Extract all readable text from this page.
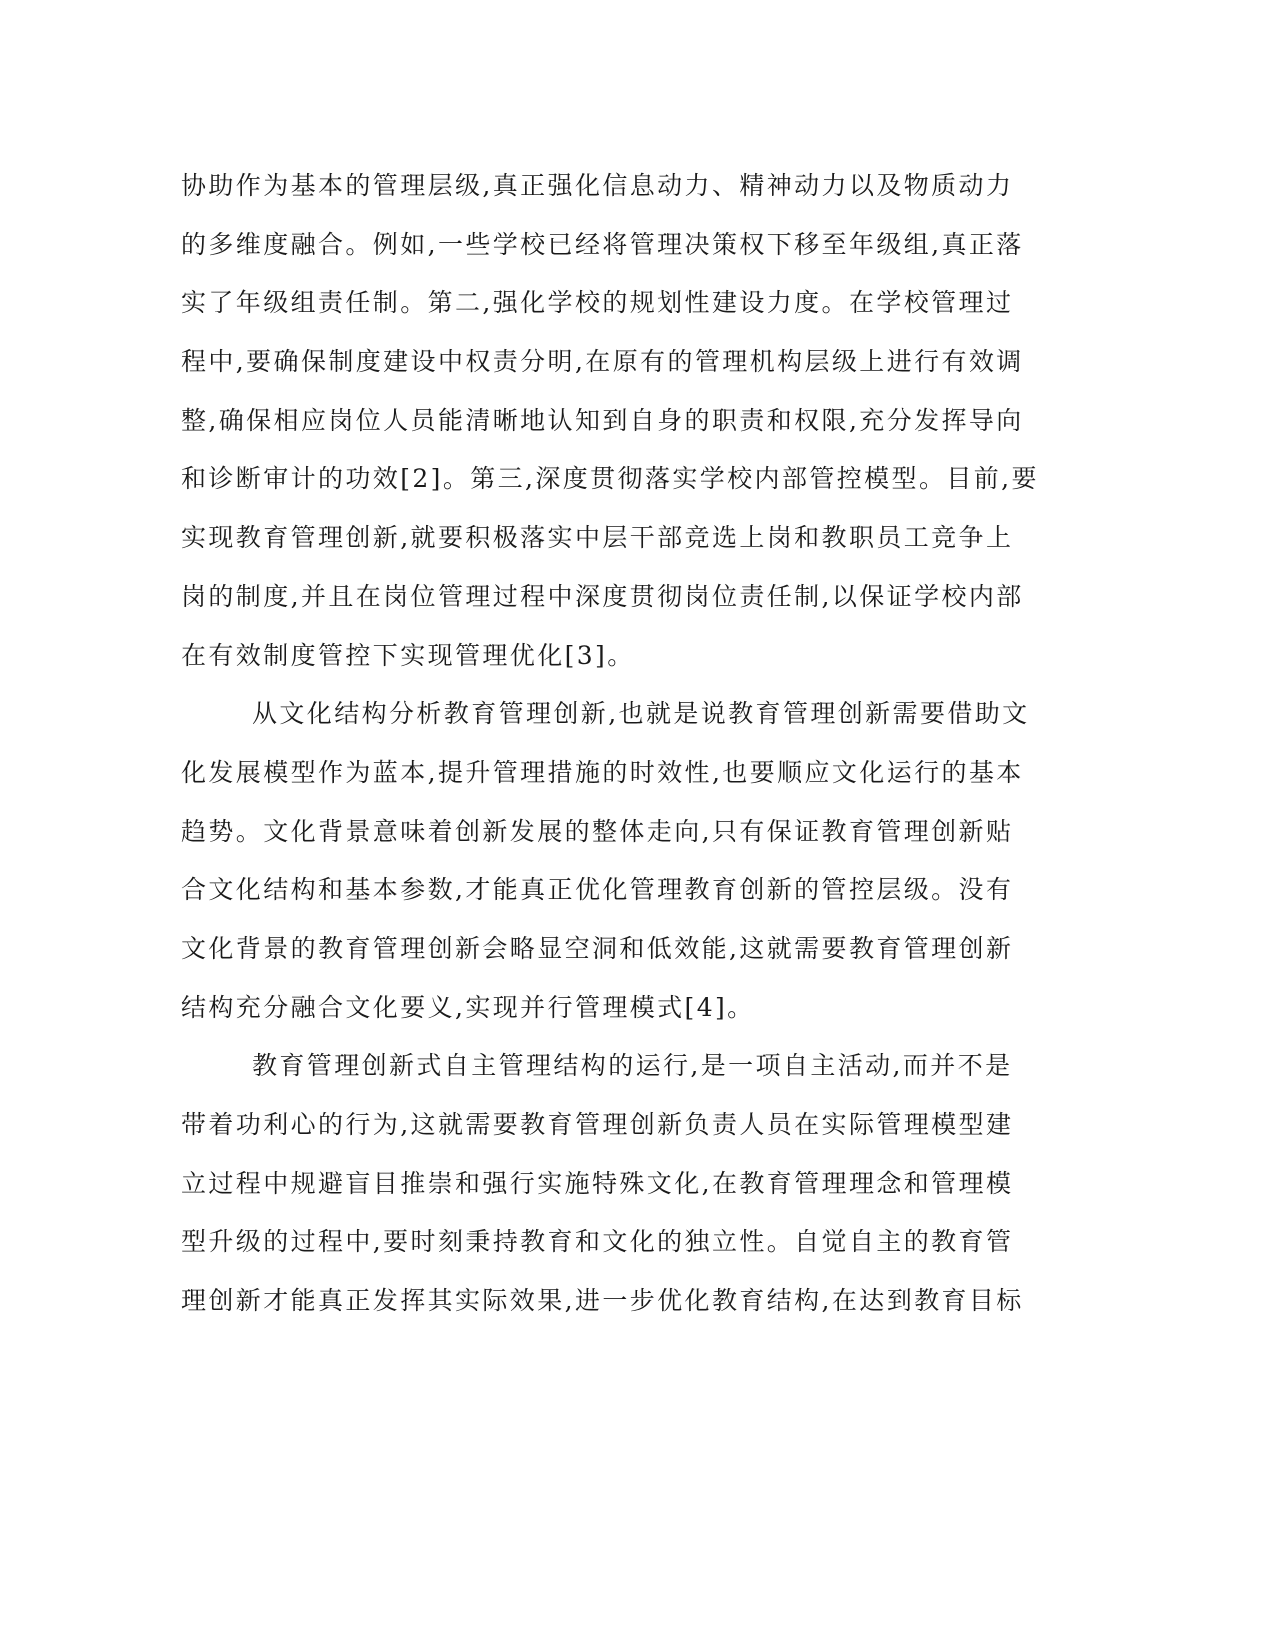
协助作为基本的管理层级,真正强化信息动力、精神动力以及物质动力
的多维度融合。例如,一些学校已经将管理决策权下移至年级组,真正落
实了年级组责任制。第二,强化学校的规划性建设力度。在学校管理过
程中,要确保制度建设中权责分明,在原有的管理机构层级上进行有效调
整,确保相应岗位人员能清晰地认知到自身的职责和权限,充分发挥导向
和诊断审计的功效[2]。第三,深度贯彻落实学校内部管控模型。目前,要
实现教育管理创新,就要积极落实中层干部竞选上岗和教职员工竞争上
岗的制度,并且在岗位管理过程中深度贯彻岗位责任制,以保证学校内部
在有效制度管控下实现管理优化[3]。
从文化结构分析教育管理创新,也就是说教育管理创新需要借助文
化发展模型作为蓝本,提升管理措施的时效性,也要顺应文化运行的基本
趋势。文化背景意味着创新发展的整体走向,只有保证教育管理创新贴
合文化结构和基本参数,才能真正优化管理教育创新的管控层级。没有
文化背景的教育管理创新会略显空洞和低效能,这就需要教育管理创新
结构充分融合文化要义,实现并行管理模式[4]。
教育管理创新式自主管理结构的运行,是一项自主活动,而并不是
带着功利心的行为,这就需要教育管理创新负责人员在实际管理模型建
立过程中规避盲目推崇和强行实施特殊文化,在教育管理理念和管理模
型升级的过程中,要时刻秉持教育和文化的独立性。自觉自主的教育管
理创新才能真正发挥其实际效果,进一步优化教育结构,在达到教育目标
